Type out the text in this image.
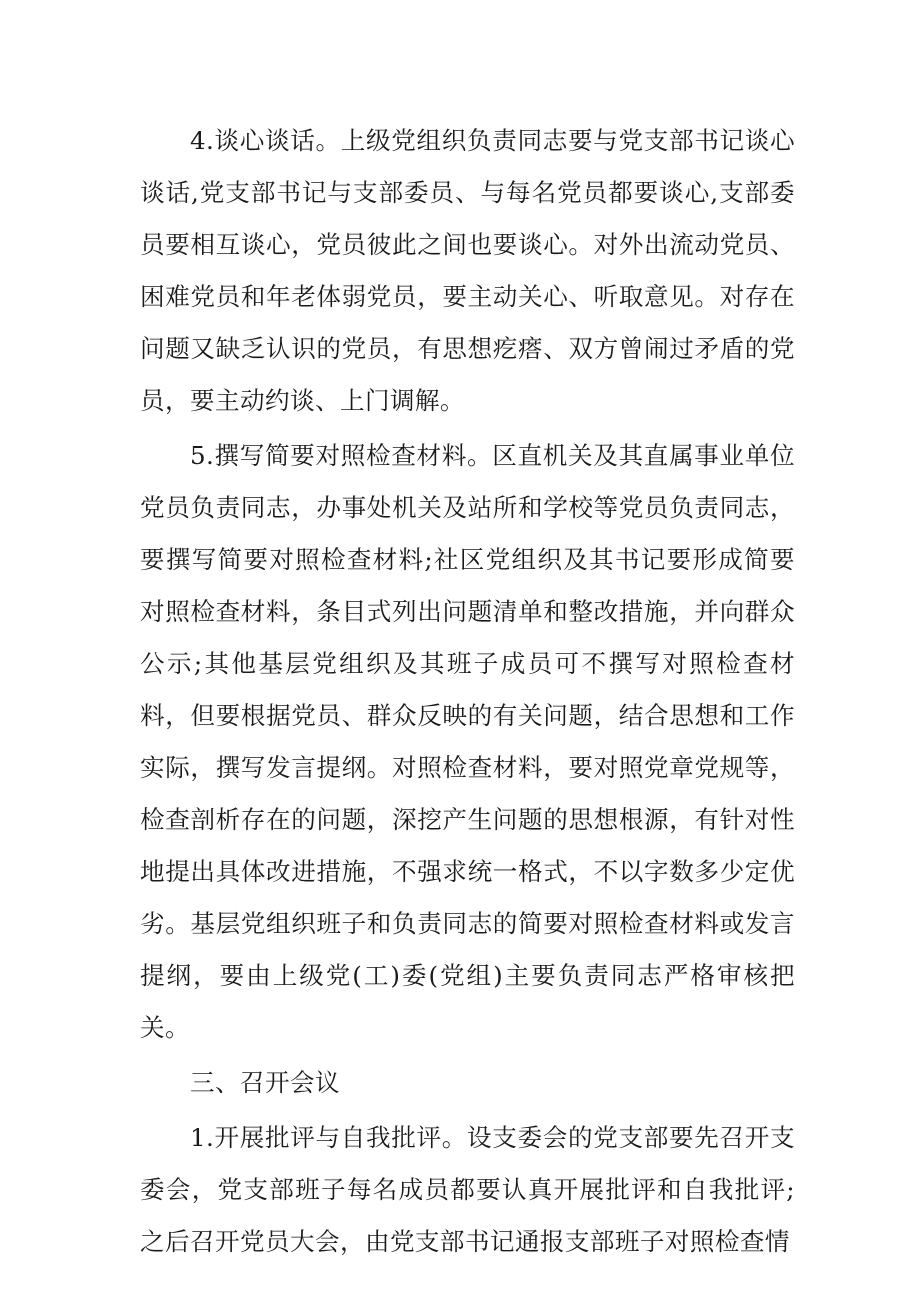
4.谈心谈话。上级党组织负责同志要与党支部书记谈心谈话,党支部书记与支部委员、与每名党员都要谈心,支部委员要相互谈心，党员彼此之间也要谈心。对外出流动党员、困难党员和年老体弱党员，要主动关心、听取意见。对存在问题又缺乏认识的党员，有思想疙瘩、双方曾闹过矛盾的党员，要主动约谈、上门调解。

5.撰写简要对照检查材料。区直机关及其直属事业单位党员负责同志，办事处机关及站所和学校等党员负责同志，要撰写简要对照检查材料;社区党组织及其书记要形成简要对照检查材料，条目式列出问题清单和整改措施，并向群众公示;其他基层党组织及其班子成员可不撰写对照检查材料，但要根据党员、群众反映的有关问题，结合思想和工作实际，撰写发言提纲。对照检查材料，要对照党章党规等，检查剖析存在的问题，深挖产生问题的思想根源，有针对性地提出具体改进措施，不强求统一格式，不以字数多少定优劣。基层党组织班子和负责同志的简要对照检查材料或发言提纲，要由上级党(工)委(党组)主要负责同志严格审核把关。

三、召开会议

1.开展批评与自我批评。设支委会的党支部要先召开支委会，党支部班子每名成员都要认真开展批评和自我批评;之后召开党员大会，由党支部书记通报支部班子对照检查情
